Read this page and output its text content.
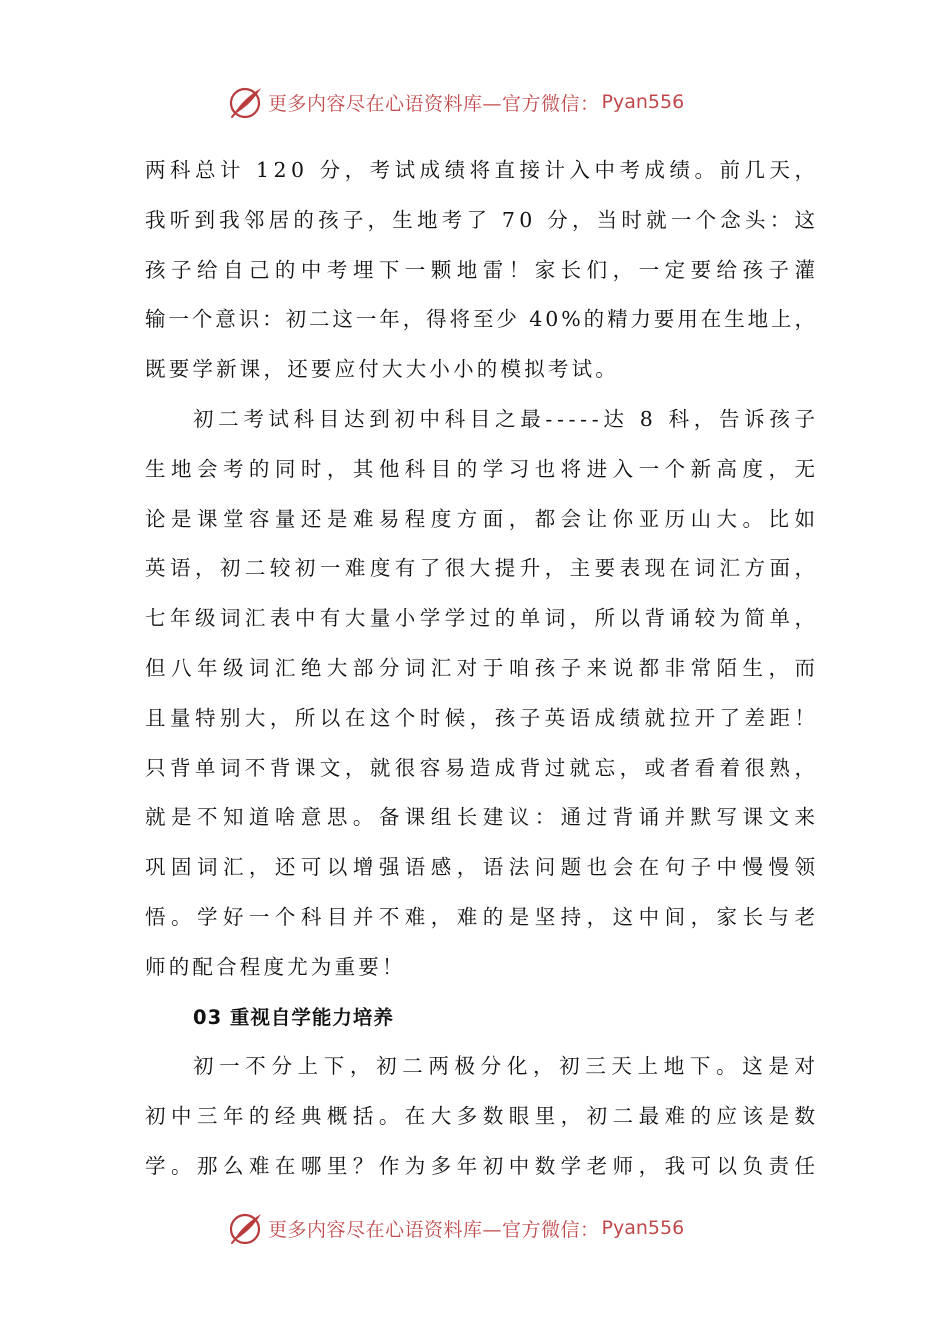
更多内容尽在心语资料库—官方微信： Pyan556
两科总计 120 分，考试成绩将直接计入中考成绩。前几天，
我听到我邻居的孩子，生地考了 70 分，当时就一个念头：这
孩子给自己的中考埋下一颗地雷！家长们，一定要给孩子灌
输一个意识：初二这一年，得将至少 40%的精力要用在生地上，
既要学新课，还要应付大大小小的模拟考试。
初二考试科目达到初中科目之最-----达 8 科，告诉孩子
生地会考的同时，其他科目的学习也将进入一个新高度，无
论是课堂容量还是难易程度方面，都会让你亚历山大。比如
英语，初二较初一难度有了很大提升，主要表现在词汇方面，
七年级词汇表中有大量小学学过的单词，所以背诵较为简单，
但八年级词汇绝大部分词汇对于咱孩子来说都非常陌生，而
且量特别大，所以在这个时候，孩子英语成绩就拉开了差距！
只背单词不背课文，就很容易造成背过就忘，或者看着很熟，
就是不知道啥意思。备课组长建议：通过背诵并默写课文来
巩固词汇，还可以增强语感，语法问题也会在句子中慢慢领
悟。学好一个科目并不难，难的是坚持，这中间，家长与老
师的配合程度尤为重要！
03 重视自学能力培养
初一不分上下，初二两极分化，初三天上地下。这是对
初中三年的经典概括。在大多数眼里，初二最难的应该是数
学。那么难在哪里？作为多年初中数学老师，我可以负责任
更多内容尽在心语资料库—官方微信： Pyan556
